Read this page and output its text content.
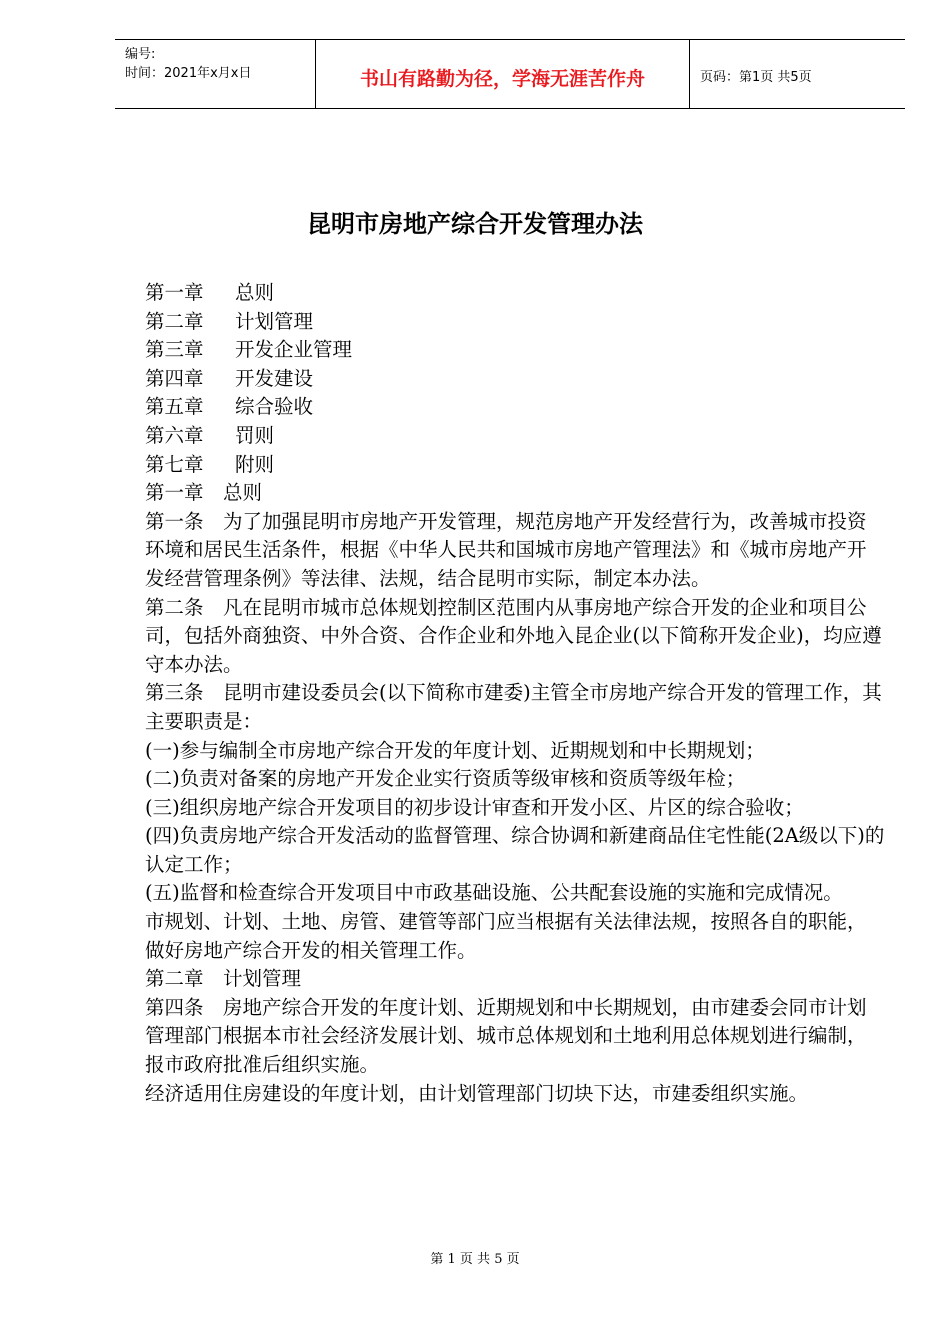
编号:
时间：2021年x月x日	书山有路勤为径，学海无涯苦作舟	页码：第1页 共5页
昆明市房地产综合开发管理办法

第一章 总则

第二章 计划管理

第三章 开发企业管理

第四章 开发建设

第五章 综合验收

第六章 罚则

第七章 附则

第一章　总则

第一条　为了加强昆明市房地产开发管理，规范房地产开发经营行为，改善城市投资环境和居民生活条件，根据《中华人民共和国城市房地产管理法》和《城市房地产开发经营管理条例》等法律、法规，结合昆明市实际，制定本办法。

第二条　凡在昆明市城市总体规划控制区范围内从事房地产综合开发的企业和项目公司，包括外商独资、中外合资、合作企业和外地入昆企业(以下简称开发企业)，均应遵守本办法。

第三条　昆明市建设委员会(以下简称市建委)主管全市房地产综合开发的管理工作，其主要职责是：

(一)参与编制全市房地产综合开发的年度计划、近期规划和中长期规划；

(二)负责对备案的房地产开发企业实行资质等级审核和资质等级年检；

(三)组织房地产综合开发项目的初步设计审查和开发小区、片区的综合验收；

(四)负责房地产综合开发活动的监督管理、综合协调和新建商品住宅性能(2A级以下)的认定工作；

(五)监督和检查综合开发项目中市政基础设施、公共配套设施的实施和完成情况。

市规划、计划、土地、房管、建管等部门应当根据有关法律法规，按照各自的职能，做好房地产综合开发的相关管理工作。

第二章　计划管理

第四条　房地产综合开发的年度计划、近期规划和中长期规划，由市建委会同市计划管理部门根据本市社会经济发展计划、城市总体规划和土地利用总体规划进行编制，报市政府批准后组织实施。

经济适用住房建设的年度计划，由计划管理部门切块下达，市建委组织实施。

第 1 页 共 5 页
